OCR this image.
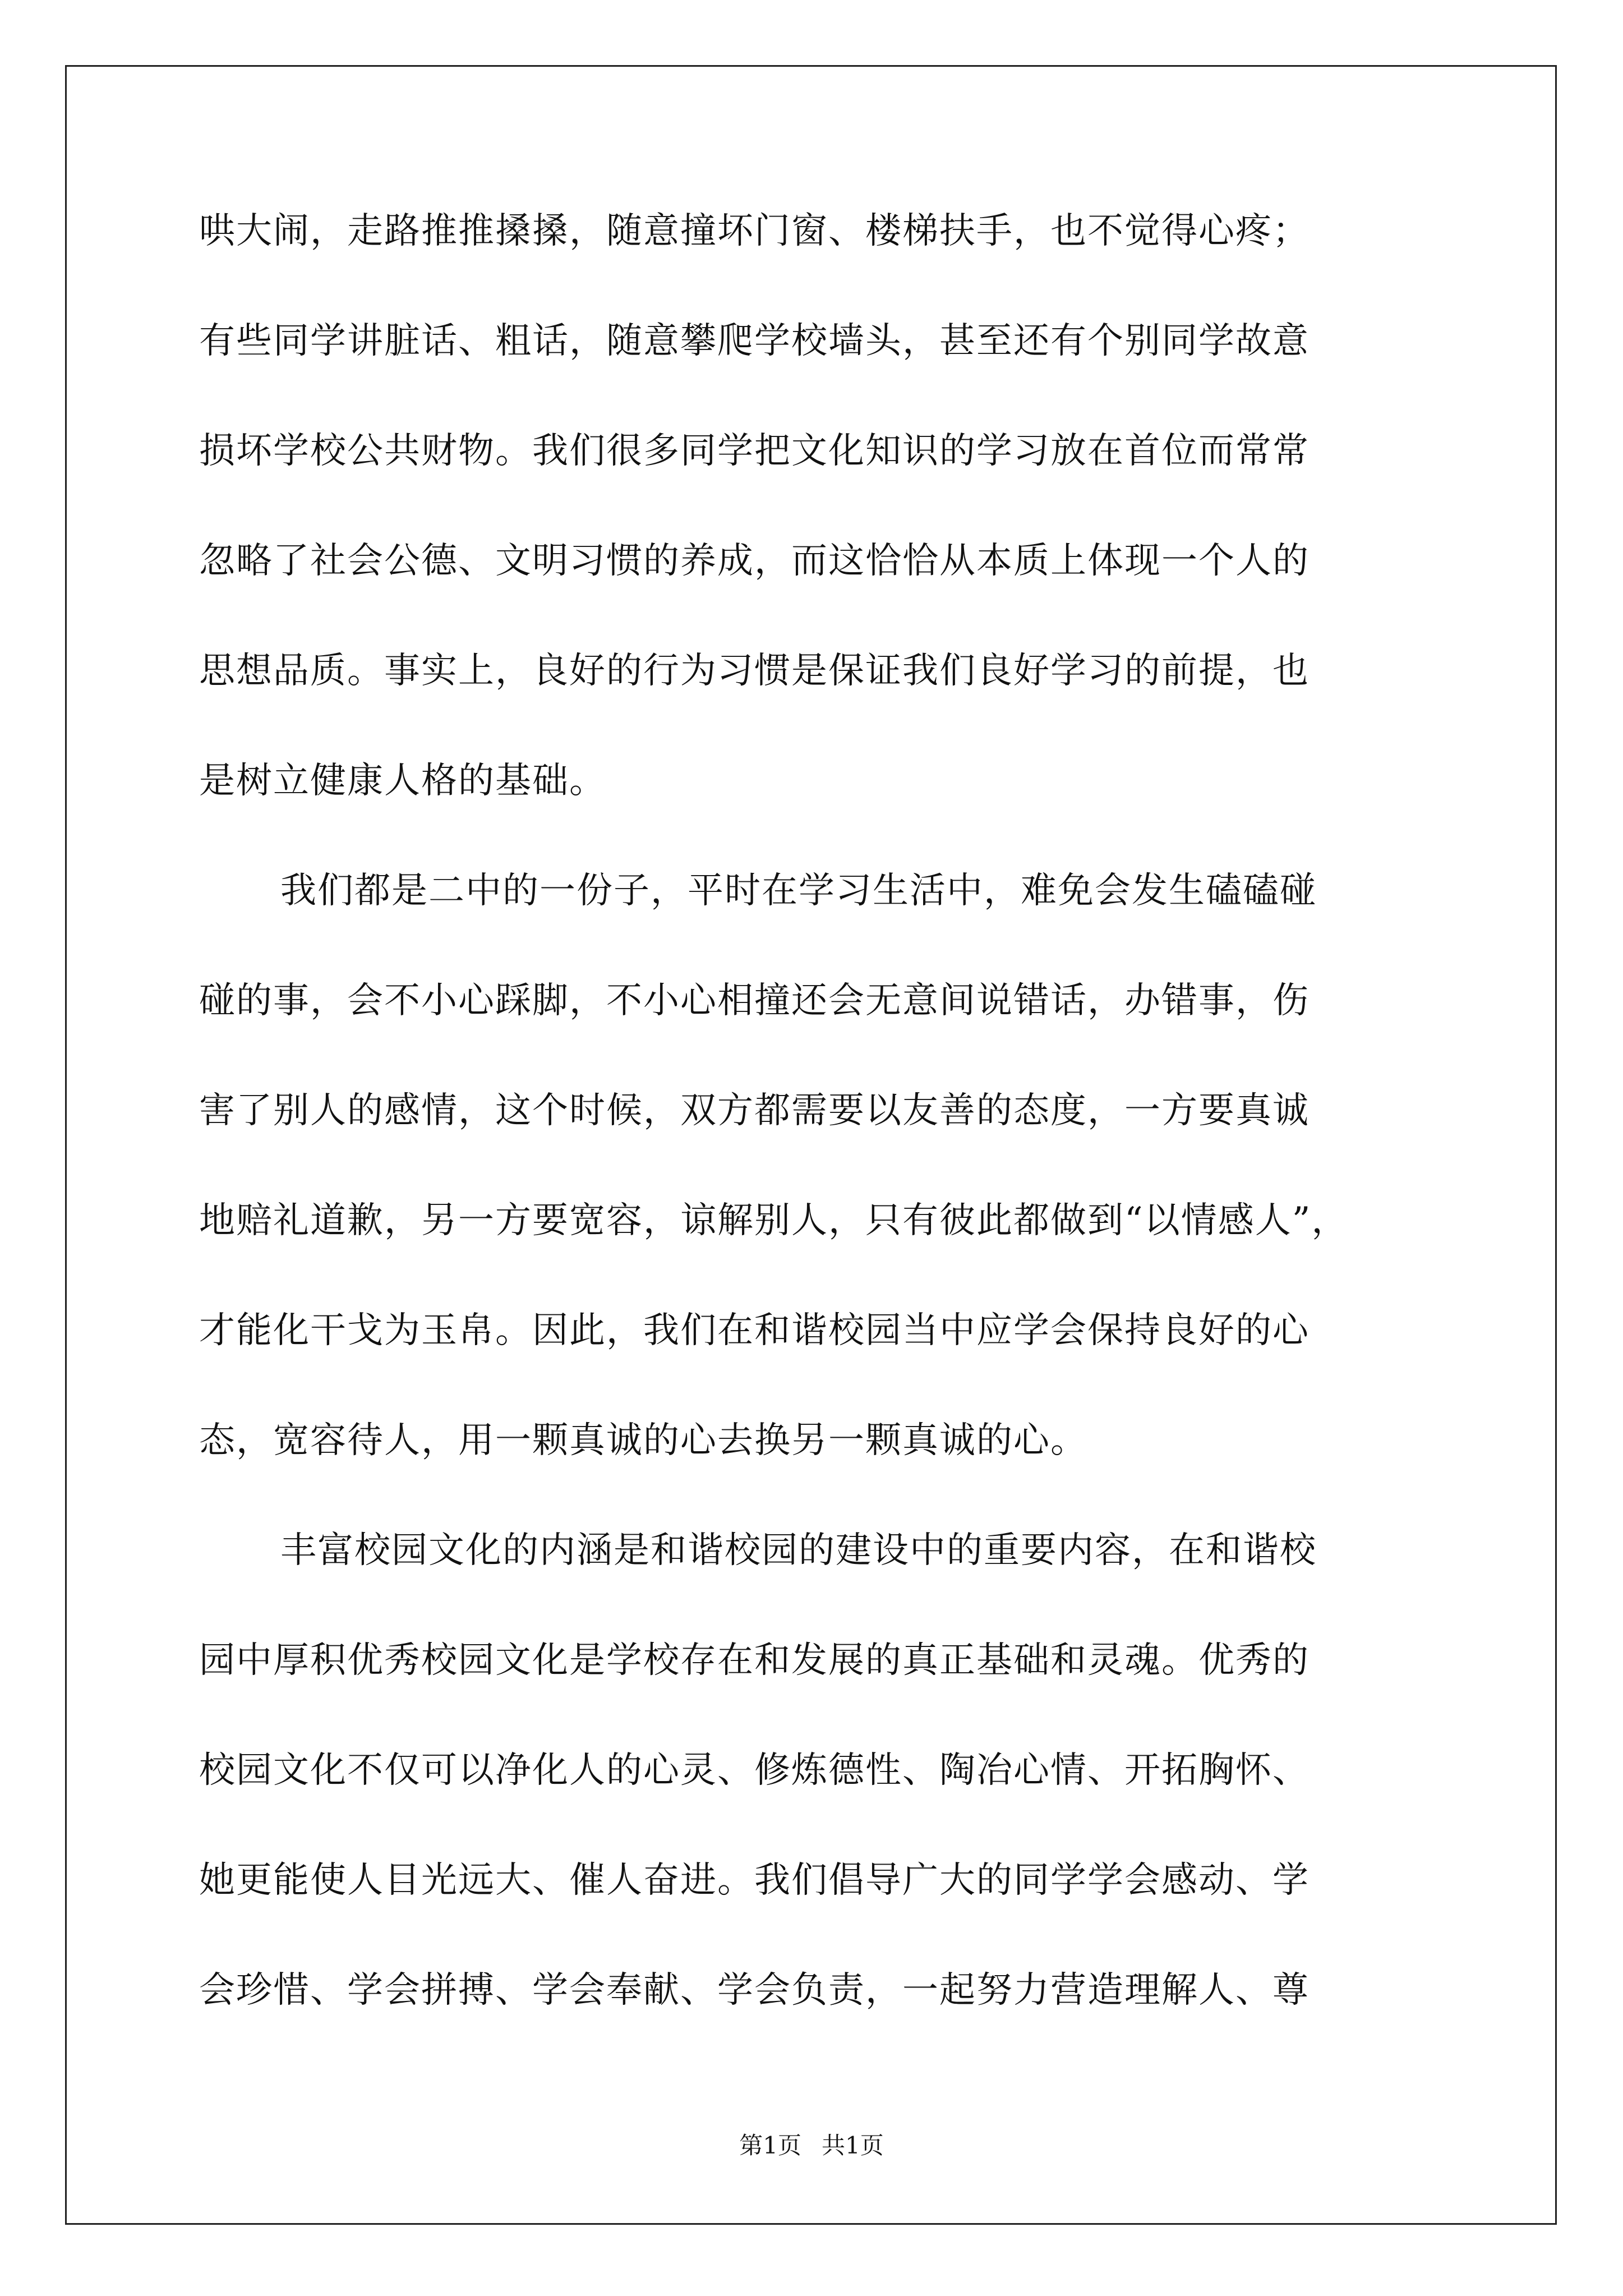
哄大闹，走路推推搡搡，随意撞坏门窗、楼梯扶手，也不觉得心疼；
有些同学讲脏话、粗话，随意攀爬学校墙头，甚至还有个别同学故意
损坏学校公共财物。我们很多同学把文化知识的学习放在首位而常常
忽略了社会公德、文明习惯的养成，而这恰恰从本质上体现一个人的
思想品质。事实上，良好的行为习惯是保证我们良好学习的前提，也
是树立健康人格的基础。
我们都是二中的一份子，平时在学习生活中，难免会发生磕磕碰
碰的事，会不小心踩脚，不小心相撞还会无意间说错话，办错事，伤
害了别人的感情，这个时候，双方都需要以友善的态度，一方要真诚
地赔礼道歉，另一方要宽容，谅解别人，只有彼此都做到“以情感人”，
才能化干戈为玉帛。因此，我们在和谐校园当中应学会保持良好的心
态，宽容待人，用一颗真诚的心去换另一颗真诚的心。
丰富校园文化的内涵是和谐校园的建设中的重要内容，在和谐校
园中厚积优秀校园文化是学校存在和发展的真正基础和灵魂。优秀的
校园文化不仅可以净化人的心灵、修炼德性、陶冶心情、开拓胸怀、
她更能使人目光远大、催人奋进。我们倡导广大的同学学会感动、学
会珍惜、学会拼搏、学会奉献、学会负责，一起努力营造理解人、尊
第1页 共1页
